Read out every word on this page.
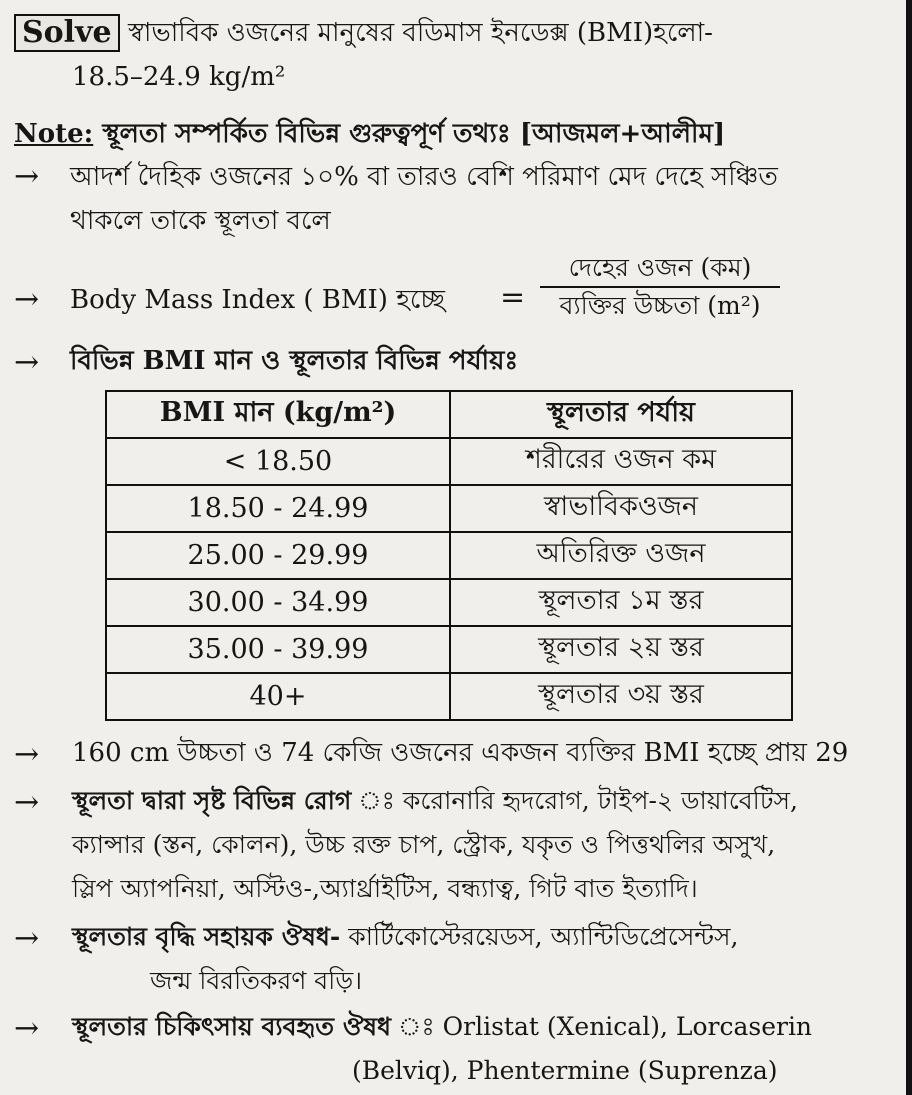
Solve স্বাভাবিক ওজনের মানুষের বডিমাস ইনডেক্স (BMI)হলো-
18.5–24.9 kg/m²
Note: স্থূলতা সম্পর্কিত বিভিন্ন গুরুত্বপূর্ণ তথ্যঃ [আজমল+আলীম]
→ আদর্শ দৈহিক ওজনের ১০% বা তারও বেশি পরিমাণ মেদ দেহে সঞ্চিত
থাকলে তাকে স্থূলতা বলে
→ Body Mass Index ( BMI) হচ্ছে =
দেহের ওজন (কম)
ব্যক্তির উচ্চতা (m²)
→ বিভিন্ন BMI মান ও স্থূলতার বিভিন্ন পর্যায়ঃ
BMI মান (kg/m²)	স্থূলতার পর্যায়
< 18.50	শরীরের ওজন কম
18.50 - 24.99	স্বাভাবিকওজন
25.00 - 29.99	অতিরিক্ত ওজন
30.00 - 34.99	স্থূলতার ১ম স্তর
35.00 - 39.99	স্থূলতার ২য় স্তর
40+	স্থূলতার ৩য় স্তর
→ 160 cm উচ্চতা ও 74 কেজি ওজনের একজন ব্যক্তির BMI হচ্ছে প্রায় 29
→ স্থূলতা দ্বারা সৃষ্ট বিভিন্ন রোগ ঃ করোনারি হৃদরোগ, টাইপ-২ ডায়াবেটিস,
ক্যান্সার (স্তন, কোলন), উচ্চ রক্ত চাপ, স্ট্রোক, যকৃত ও পিত্তথলির অসুখ,
স্লিপ অ্যাপনিয়া, অস্টিও-,অ্যার্থ্রাইটিস, বন্ধ্যাত্ব, গিট বাত ইত্যাদি।
→ স্থূলতার বৃদ্ধি সহায়ক ঔষধ- কার্টিকোস্টেরয়েডস, অ্যান্টিডিপ্রেসেন্টস,
জন্ম বিরতিকরণ বড়ি।
→ স্থূলতার চিকিৎসায় ব্যবহৃত ঔষধ ঃ Orlistat (Xenical), Lorcaserin
(Belviq), Phentermine (Suprenza)
